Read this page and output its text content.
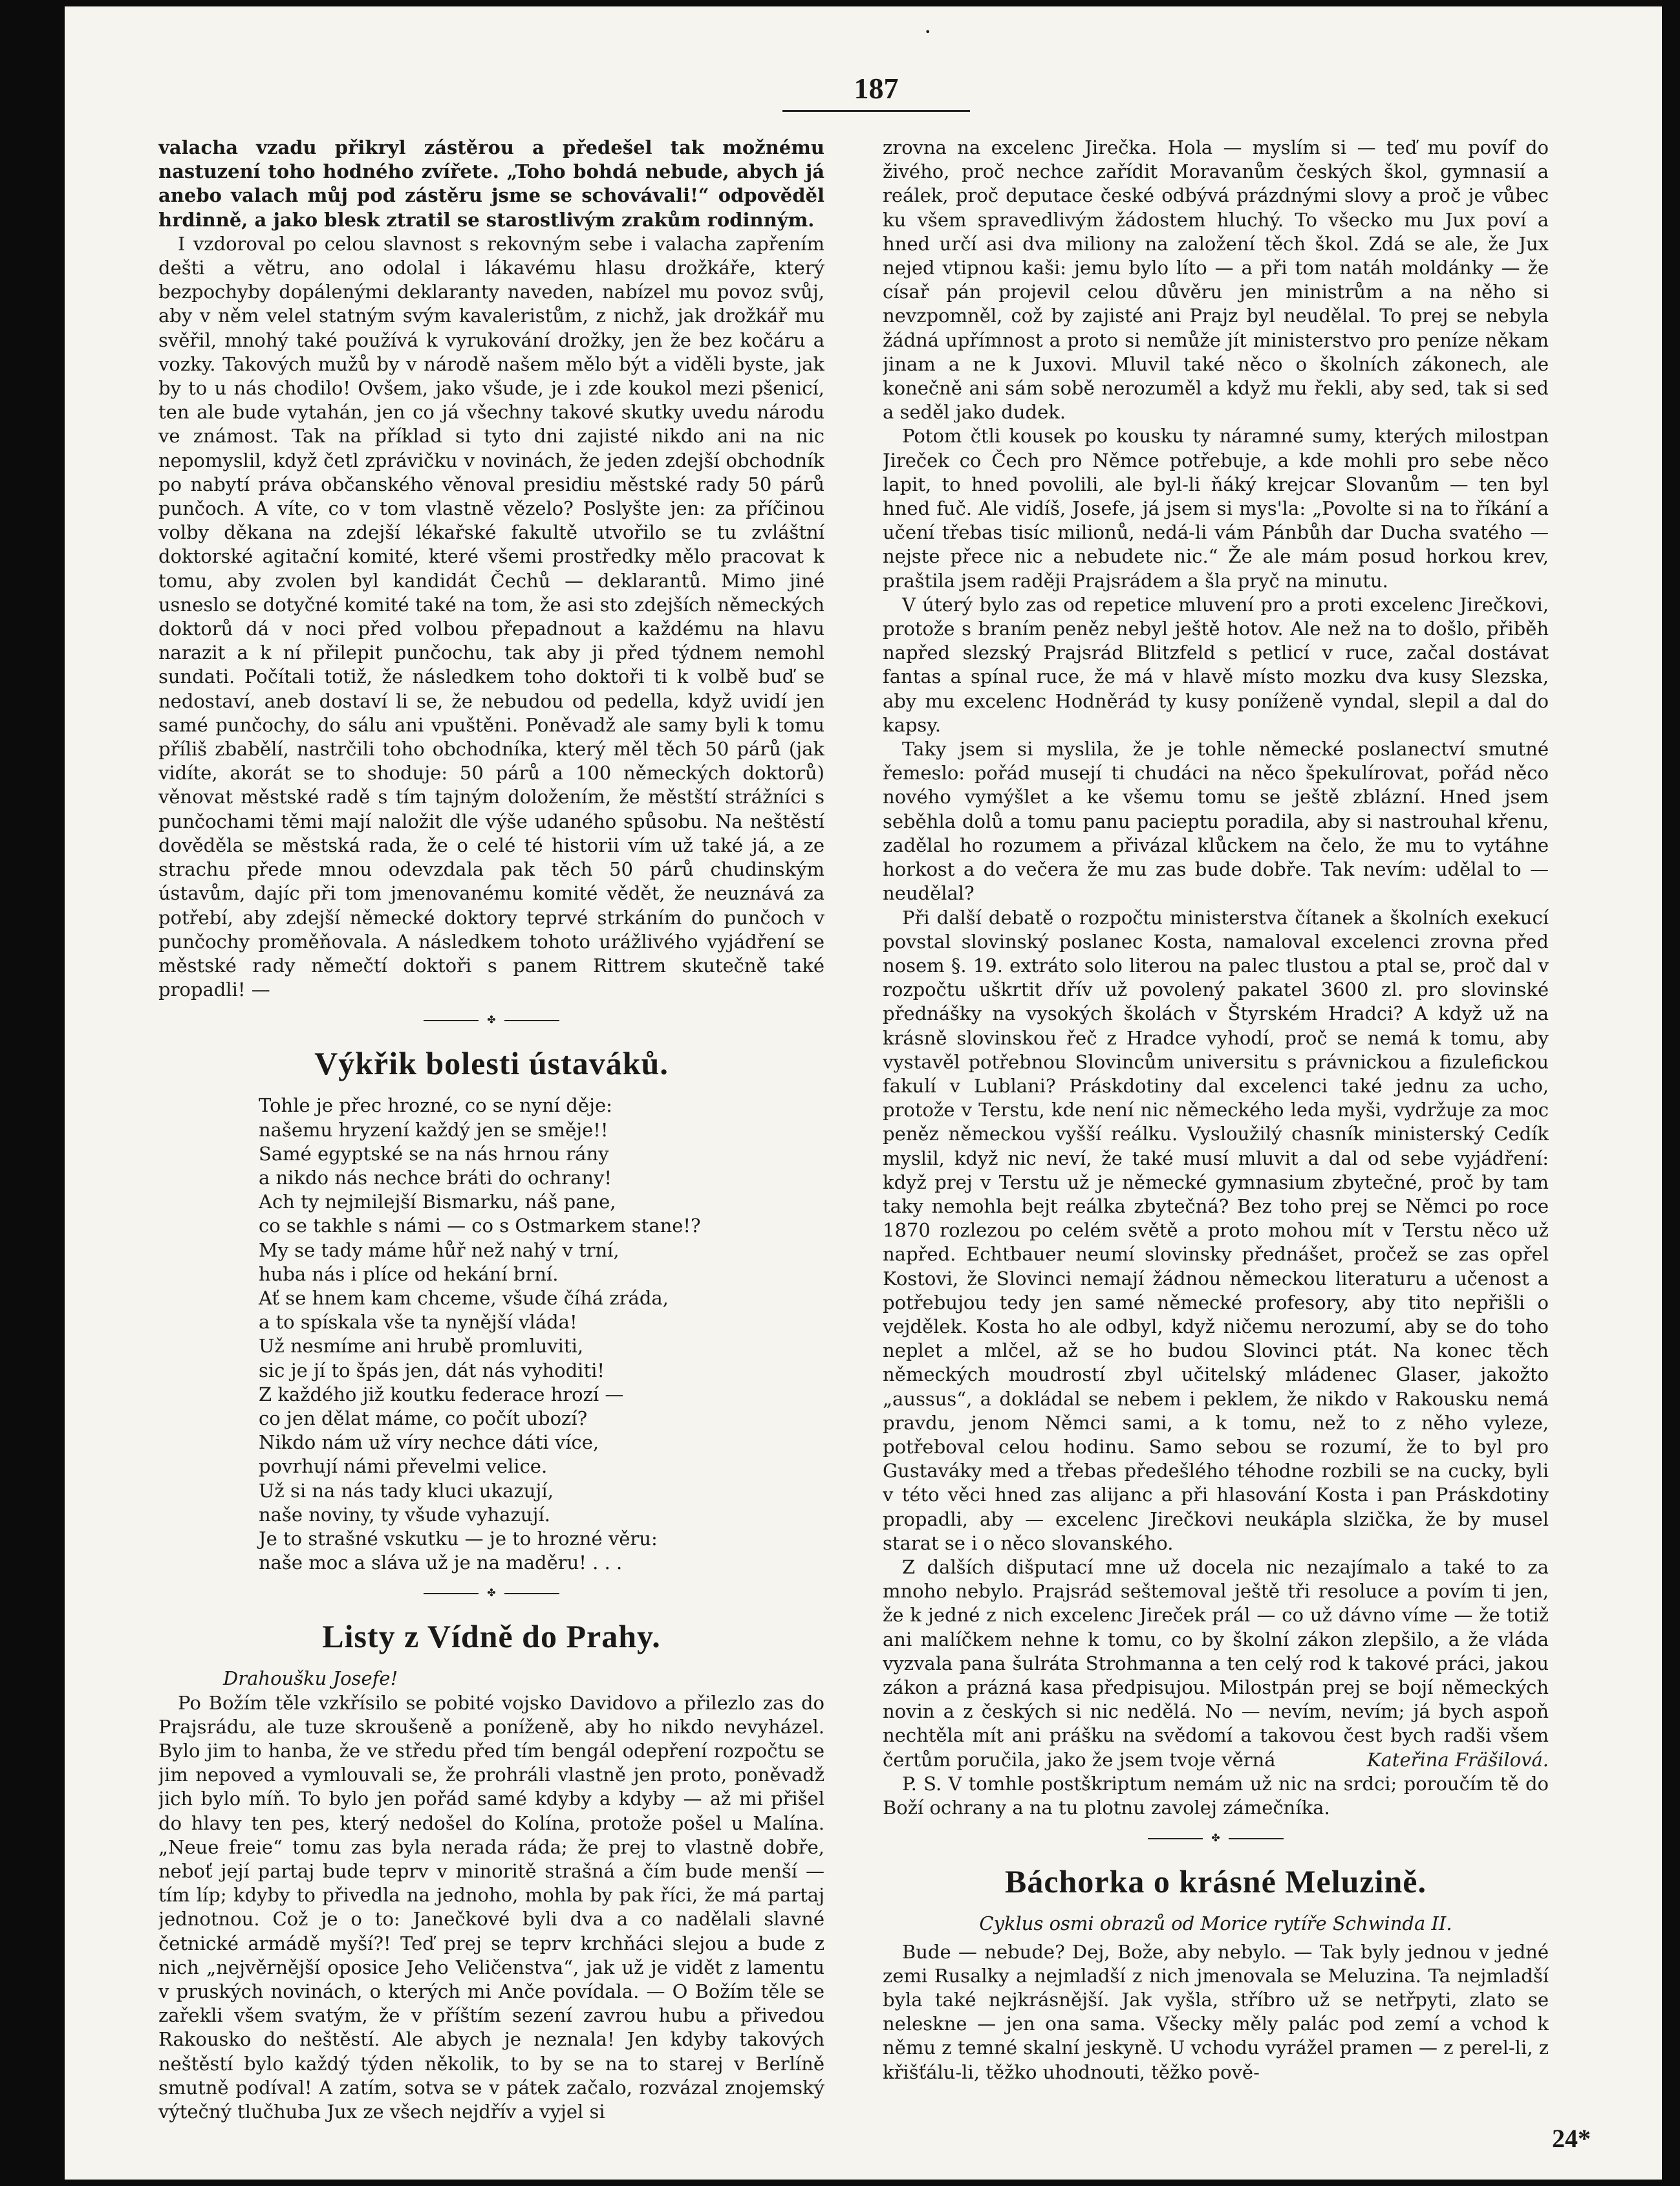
•
187

valacha vzadu přikryl zástěrou a předešel tak možnému nastuzení toho hodného zvířete. „Toho bohdá nebude, abych já anebo valach můj pod zástěru jsme se schovávali!“ odpověděl hrdinně, a jako blesk ztratil se starostlivým zrakům rodinným.

I vzdoroval po celou slavnost s rekovným sebe i valacha zapřením dešti a větru, ano odolal i lákavému hlasu drožkáře, který bezpochyby dopálenými deklaranty naveden, nabízel mu povoz svůj, aby v něm velel statným svým kavaleristům, z nichž, jak drožkář mu svěřil, mnohý také používá k vyrukování drožky, jen že bez kočáru a vozky. Takových mužů by v národě našem mělo být a viděli byste, jak by to u nás chodilo! Ovšem, jako všude, je i zde koukol mezi pšenicí, ten ale bude vytahán, jen co já všechny takové skutky uvedu národu ve známost. Tak na příklad si tyto dni zajisté nikdo ani na nic nepomyslil, když četl zprávičku v novinách, že jeden zdejší obchodník po nabytí práva občanského věnoval presidiu městské rady 50 párů punčoch. A víte, co v tom vlastně vězelo? Poslyšte jen: za příčinou volby děkana na zdejší lékařské fakultě utvořilo se tu zvláštní doktorské agitační komité, které všemi prostředky mělo pracovat k tomu, aby zvolen byl kandidát Čechů — deklarantů. Mimo jiné usneslo se dotyčné komité také na tom, že asi sto zdejších německých doktorů dá v noci před volbou přepadnout a každému na hlavu narazit a k ní přilepit punčochu, tak aby ji před týdnem nemohl sundati. Počítali totiž, že následkem toho doktoři ti k volbě buď se nedostaví, aneb dostaví li se, že nebudou od pedella, když uvidí jen samé punčochy, do sálu ani vpuštěni. Poněvadž ale samy byli k tomu příliš zbabělí, nastrčili toho obchodníka, který měl těch 50 párů (jak vidíte, akorát se to shoduje: 50 párů a 100 německých doktorů) věnovat městské radě s tím tajným doložením, že městští strážníci s punčochami těmi mají naložit dle výše udaného spůsobu. Na neštěstí dověděla se městská rada, že o celé té historii vím už také já, a ze strachu přede mnou odevzdala pak těch 50 párů chudinským ústavům, dajíc při tom jmenovanému komité vědět, že neuznává za potřebí, aby zdejší německé doktory teprvé strkáním do punčoch v punčochy proměňovala. A následkem tohoto urážlivého vyjádření se městské rady němečtí doktoři s panem Rittrem skutečně také propadli! —

✤
Výkřik bolesti ústaváků.
Tohle je přec hrozné, co se nyní děje:
našemu hryzení každý jen se směje!!
Samé egyptské se na nás hrnou rány
a nikdo nás nechce bráti do ochrany!
Ach ty nejmilejší Bismarku, náš pane,
co se takhle s námi — co s Ostmarkem stane!?
My se tady máme hůř než nahý v trní,
huba nás i plíce od hekání brní.
Ať se hnem kam chceme, všude číhá zráda,
a to spískala vše ta nynější vláda!
Už nesmíme ani hrubě promluviti,
sic je jí to špás jen, dát nás vyhoditi!
Z každého již koutku federace hrozí —
co jen dělat máme, co počít ubozí?
Nikdo nám už víry nechce dáti více,
povrhují námi převelmi velice.
Už si na nás tady kluci ukazují,
naše noviny, ty všude vyhazují.
Je to strašné vskutku — je to hrozné věru:
naše moc a sláva už je na maděru! . . .
✤
Listy z Vídně do Prahy.
Drahoušku Josefe!

Po Božím těle vzkřísilo se pobité vojsko Davidovo a přilezlo zas do Prajsrádu, ale tuze skroušeně a poníženě, aby ho nikdo nevyházel. Bylo jim to hanba, že ve středu před tím bengál odepření rozpočtu se jim nepoved a vymlouvali se, že prohráli vlastně jen proto, poněvadž jich bylo míň. To bylo jen pořád samé kdyby a kdyby — až mi přišel do hlavy ten pes, který nedošel do Kolína, protože pošel u Malína. „Neue freie“ tomu zas byla nerada ráda; že prej to vlastně dobře, neboť její partaj bude teprv v minoritě strašná a čím bude menší — tím líp; kdyby to přivedla na jednoho, mohla by pak říci, že má partaj jednotnou. Což je o to: Janečkové byli dva a co nadělali slavné četnické armádě myší?! Teď prej se teprv krchňáci slejou a bude z nich „nejvěrnější oposice Jeho Veličenstva“, jak už je vidět z lamentu v pruských novinách, o kterých mi Anče povídala. — O Božím těle se zařekli všem svatým, že v příštím sezení zavrou hubu a přivedou Rakousko do neštěstí. Ale abych je neznala! Jen kdyby takových neštěstí bylo každý týden několik, to by se na to starej v Berlíně smutně podíval! A zatím, sotva se v pátek začalo, rozvázal znojemský výtečný tlučhuba Jux ze všech nejdřív a vyjel si

zrovna na excelenc Jirečka. Hola — myslím si — teď mu povíf do živého, proč nechce zařídit Moravanům českých škol, gymnasií a reálek, proč deputace české odbývá prázdnými slovy a proč je vůbec ku všem spravedlivým žádostem hluchý. To všecko mu Jux poví a hned určí asi dva miliony na založení těch škol. Zdá se ale, že Jux nejed vtipnou kaši: jemu bylo líto — a při tom natáh moldánky — že císař pán projevil celou důvěru jen ministrům a na něho si nevzpomněl, což by zajisté ani Prajz byl neudělal. To prej se nebyla žádná upřímnost a proto si nemůže jít ministerstvo pro peníze někam jinam a ne k Juxovi. Mluvil také něco o školních zákonech, ale konečně ani sám sobě nerozuměl a když mu řekli, aby sed, tak si sed a seděl jako dudek.

Potom čtli kousek po kousku ty náramné sumy, kterých milostpan Jireček co Čech pro Němce potřebuje, a kde mohli pro sebe něco lapit, to hned povolili, ale byl-li ňáký krejcar Slovanům — ten byl hned fuč. Ale vidíš, Josefe, já jsem si mys'la: „Povolte si na to říkání a učení třebas tisíc milionů, nedá-li vám Pánbůh dar Ducha svatého — nejste přece nic a nebudete nic.“ Že ale mám posud horkou krev, praštila jsem raději Prajsrádem a šla pryč na minutu.

V úterý bylo zas od repetice mluvení pro a proti excelenc Jirečkovi, protože s braním peněz nebyl ještě hotov. Ale než na to došlo, přiběh napřed slezský Prajsrád Blitzfeld s petlicí v ruce, začal dostávat fantas a spínal ruce, že má v hlavě místo mozku dva kusy Slezska, aby mu excelenc Hodněrád ty kusy poníženě vyndal, slepil a dal do kapsy.

Taky jsem si myslila, že je tohle německé poslanectví smutné řemeslo: pořád musejí ti chudáci na něco špekulírovat, pořád něco nového vymýšlet a ke všemu tomu se ještě zblázní. Hned jsem seběhla dolů a tomu panu pacieptu poradila, aby si nastrouhal křenu, zadělal ho rozumem a přivázal klůckem na čelo, že mu to vytáhne horkost a do večera že mu zas bude dobře. Tak nevím: udělal to — neudělal?

Při další debatě o rozpočtu ministerstva čítanek a školních exekucí povstal slovinský poslanec Kosta, namaloval excelenci zrovna před nosem §. 19. extráto solo literou na palec tlustou a ptal se, proč dal v rozpočtu uškrtit dřív už povolený pakatel 3600 zl. pro slovinské přednášky na vysokých školách v Štyrském Hradci? A když už na krásně slovinskou řeč z Hradce vyhodí, proč se nemá k tomu, aby vystavěl potřebnou Slovincům universitu s právnickou a fizulefickou fakulí v Lublani? Práskdotiny dal excelenci také jednu za ucho, protože v Terstu, kde není nic německého leda myši, vydržuje za moc peněz německou vyšší reálku. Vysloužilý chasník ministerský Cedík myslil, když nic neví, že také musí mluvit a dal od sebe vyjádření: když prej v Terstu už je německé gymnasium zbytečné, proč by tam taky nemohla bejt reálka zbytečná? Bez toho prej se Němci po roce 1870 rozlezou po celém světě a proto mohou mít v Terstu něco už napřed. Echtbauer neumí slovinsky přednášet, pročež se zas opřel Kostovi, že Slovinci nemají žádnou německou literaturu a učenost a potřebujou tedy jen samé německé profesory, aby tito nepřišli o vejdělek. Kosta ho ale odbyl, když ničemu nerozumí, aby se do toho neplet a mlčel, až se ho budou Slovinci ptát. Na konec těch německých moudrostí zbyl učitelský mládenec Glaser, jakožto „aussus“, a dokládal se nebem i peklem, že nikdo v Rakousku nemá pravdu, jenom Němci sami, a k tomu, než to z něho vyleze, potřeboval celou hodinu. Samo sebou se rozumí, že to byl pro Gustaváky med a třebas předešlého téhodne rozbili se na cucky, byli v této věci hned zas alijanc a při hlasování Kosta i pan Práskdotiny propadli, aby — excelenc Jirečkovi neukápla slzička, že by musel starat se i o něco slovanského.

Z dalších dišputací mne už docela nic nezajímalo a také to za mnoho nebylo. Prajsrád seštemoval ještě tři resoluce a povím ti jen, že k jedné z nich excelenc Jireček prál — co už dávno víme — že totiž ani malíčkem nehne k tomu, co by školní zákon zlepšilo, a že vláda vyzvala pana šulráta Strohmanna a ten celý rod k takové práci, jakou zákon a prázná kasa předpisujou. Milostpán prej se bojí německých novin a z českých si nic nedělá. No — nevím, nevím; já bych aspoň nechtěla mít ani prášku na svědomí a takovou čest bych radši všem čertům poručila, jako že jsem tvoje věrná	Kateřina Fräšilová.

P. S. V tomhle postškriptum nemám už nic na srdci; poroučím tě do Boží ochrany a na tu plotnu zavolej zámečníka.

✤
Báchorka o krásné Meluzině.
Cyklus osmi obrazů od Morice rytíře Schwinda II.

Bude — nebude? Dej, Bože, aby nebylo. — Tak byly jednou v jedné zemi Rusalky a nejmladší z nich jmenovala se Meluzina. Ta nejmladší byla také nejkrásnější. Jak vyšla, stříbro už se netřpyti, zlato se nelesknе — jen ona sama. Všecky měly palác pod zemí a vchod k němu z temné skalní jeskyně. U vchodu vyrážel pramen — z perel-li, z křišťálu-li, těžko uhodnouti, těžko pově-

24*
